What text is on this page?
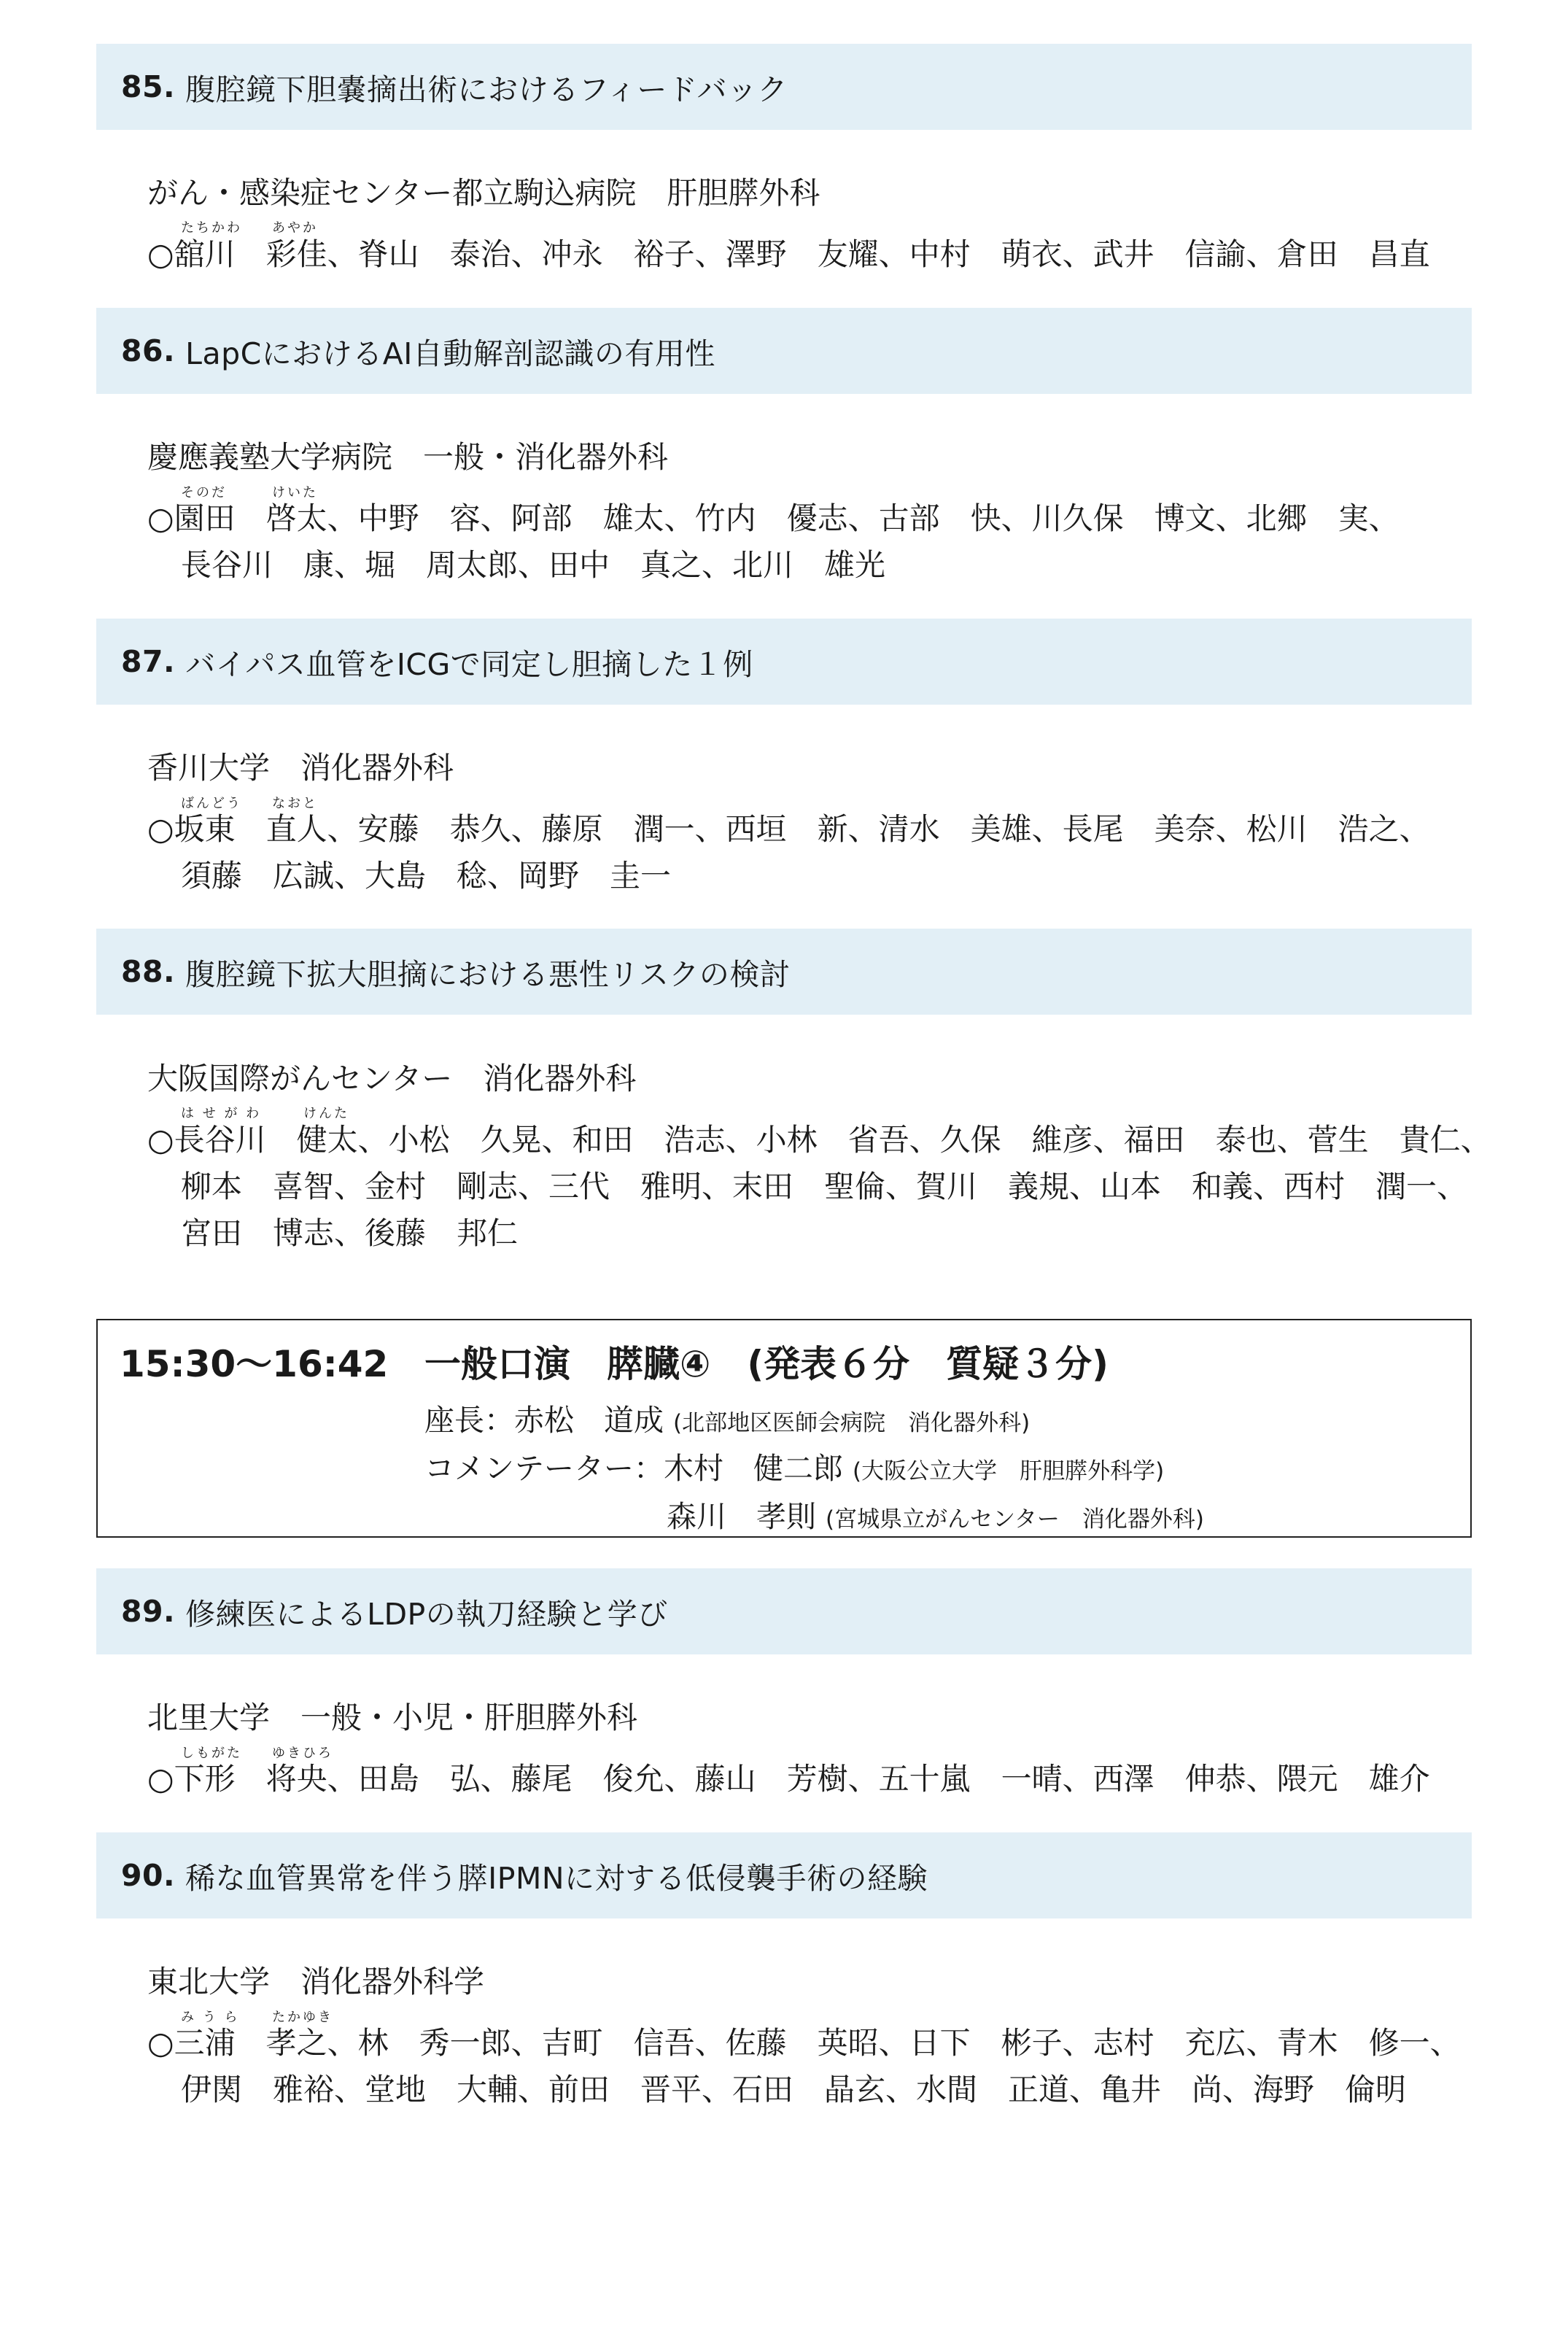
85. 腹腔鏡下胆嚢摘出術におけるフィードバック
がん・感染症センター都立駒込病院　肝胆膵外科
たちかわ あやか
○舘川　彩佳、脊山　泰治、冲永　裕子、澤野　友耀、中村　萌衣、武井　信諭、倉田　昌直
86. LapCにおけるAI自動解剖認識の有用性
慶應義塾大学病院　一般・消化器外科
そのだ	けいた
○園田　啓太、中野　容、阿部　雄太、竹内　優志、古部　快、川久保　博文、北郷　実、
長谷川　康、堀　周太郎、田中　真之、北川　雄光
87. バイパス血管をICGで同定し胆摘した１例
香川大学　消化器外科
ばんどう なおと
○坂東　直人、安藤　恭久、藤原　潤一、西垣　新、清水　美雄、長尾　美奈、松川　浩之、
須藤　広誠、大島　稔、岡野　圭一
88. 腹腔鏡下拡大胆摘における悪性リスクの検討
大阪国際がんセンター　消化器外科
は せ が わ	けんた
○長谷川　健太、小松　久晃、和田　浩志、小林　省吾、久保　維彦、福田　泰也、菅生　貴仁、
柳本　喜智、金村　剛志、三代　雅明、末田　聖倫、賀川　義規、山本　和義、西村　潤一、
宮田　博志、後藤　邦仁
15:30～16:42 一般口演　膵臓④　(発表６分　質疑３分)
座長：赤松　道成 (北部地区医師会病院　消化器外科)
コメンテーター：木村　健二郎 (大阪公立大学　肝胆膵外科学)
森川　孝則 (宮城県立がんセンター　消化器外科)
89. 修練医によるLDPの執刀経験と学び
北里大学　一般・小児・肝胆膵外科
しもがた ゆきひろ
○下形　将央、田島　弘、藤尾　俊允、藤山　芳樹、五十嵐　一晴、西澤　伸恭、隈元　雄介
90. 稀な血管異常を伴う膵IPMNに対する低侵襲手術の経験
東北大学　消化器外科学
み う ら たかゆき
○三浦　孝之、林　秀一郎、吉町　信吾、佐藤　英昭、日下　彬子、志村　充広、青木　修一、
伊関　雅裕、堂地　大輔、前田　晋平、石田　晶玄、水間　正道、亀井　尚、海野　倫明
